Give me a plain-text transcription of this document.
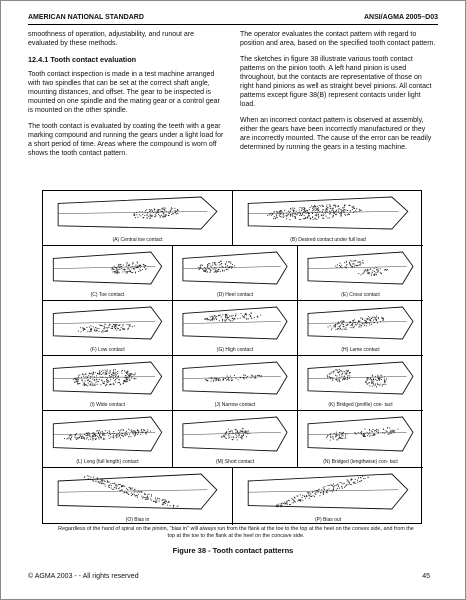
AMERICAN NATIONAL STANDARD	ANSI/AGMA 2005–D03

smoothness of operation, adjustability, and runout are evaluated by these methods.

12.4.1 Tooth contact evaluation

Tooth contact inspection is made in a test machine arranged with two spindles that can be set at the correct shaft angle, mounting distances, and offset. The gear to be inspected is mounted on one spindle and the mating gear or a control gear is mounted on the other spindle.

The tooth contact is evaluated by coating the teeth with a gear marking compound and running the gears under a light load for a short period of time. Areas where the compound is worn off shows the tooth contact pattern.

The operator evaluates the contact pattern with regard to position and area, based on the specified tooth contact pattern.

The sketches in figure 38 illustrate various tooth contact patterns on the pinion tooth. A left hand pinion is used throughout, but the contacts are representative of those on right hand pinions as well as straight bevel pinions. All contact patterns except figure 38(B) represent contacts under light load.

When an incorrect contact pattern is observed at assembly, either the gears have been incorrectly manufactured or they are incorrectly mounted. The cause of the error can be readily determined by running the gears in a testing machine.

(A) Central toe contact	(B) Desired contact under full load
(C) Toe contact	(D) Heel contact	(E) Cross contact
(F) Low contact	(G) High contact	(H) Lame contact
(I) Wide contact	(J) Narrow contact	(K) Bridged (profile) con- tact
(L) Long (full length) contact	(M) Short contact	(N) Bridged (lengthwise) con- tact
(O) Bias in	(P) Bias out
Regardless of the hand of spiral on the pinion, "bias in" will always run from the flank at the toe to the top at the heel on the convex side, and from the top at the toe to the flank at the heel on the concave side.
Figure 38 - Tooth contact patterns
© AGMA 2003 - - All rights reserved	45
